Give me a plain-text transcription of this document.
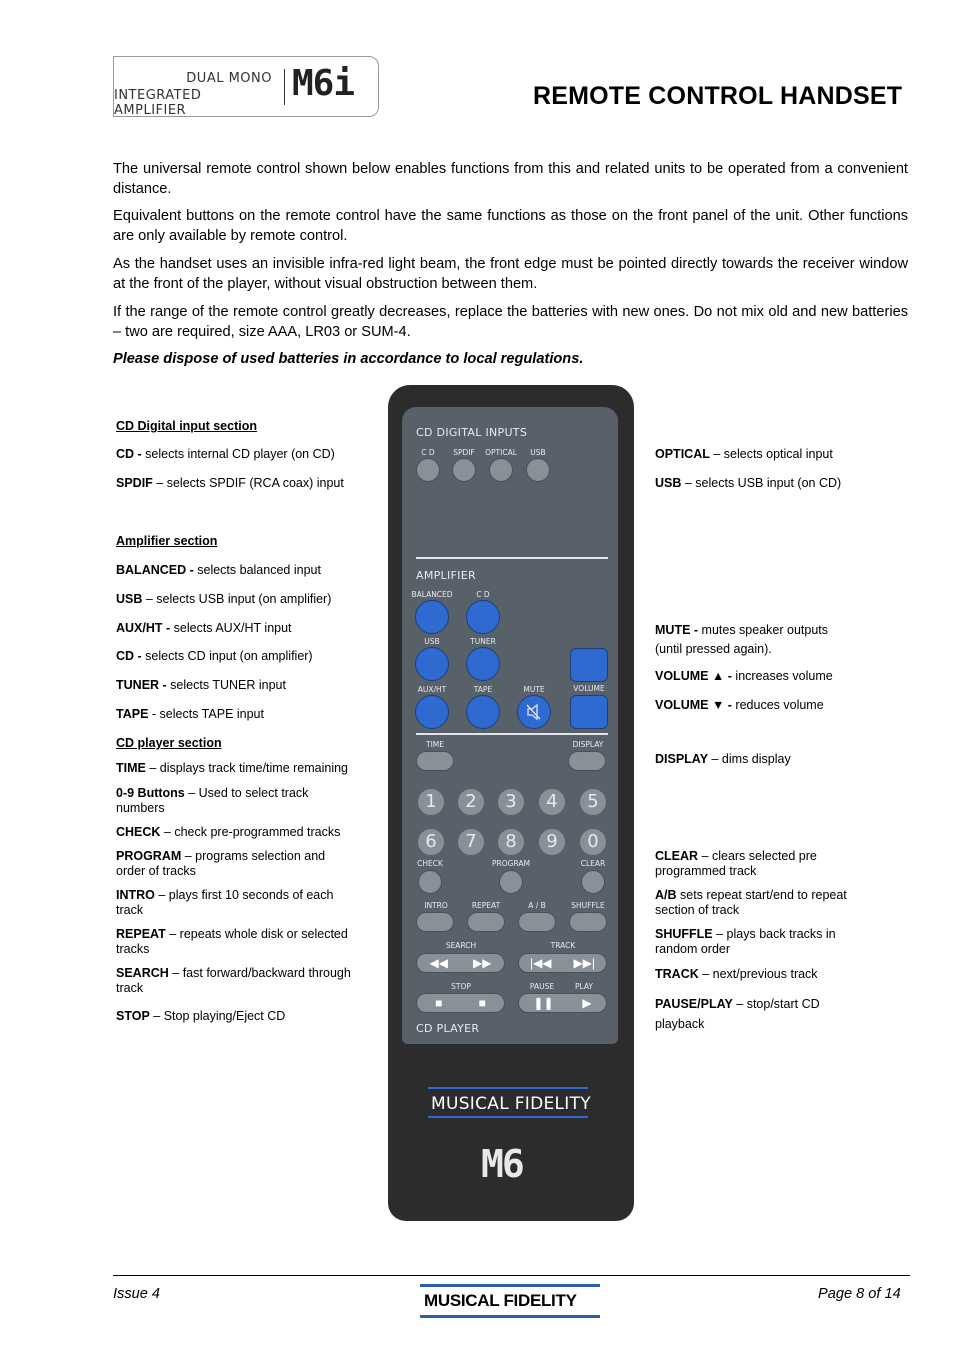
DUAL MONO
INTEGRATED AMPLIFIER
M6i	REMOTE CONTROL HANDSET
The universal remote control shown below enables functions from this and related units to be operated from a convenient distance.
Equivalent buttons on the remote control have the same functions as those on the front panel of the unit. Other functions are only available by remote control.
As the handset uses an invisible infra-red light beam, the front edge must be pointed directly towards the receiver window at the front of the player, without visual obstruction between them.
If the range of the remote control greatly decreases, replace the batteries with new ones. Do not mix old and new batteries – two are required, size AAA, LR03 or SUM-4.
Please dispose of used batteries in accordance to local regulations.
CD Digital input section
CD - selects internal CD player (on CD)
SPDIF – selects SPDIF (RCA coax) input
Amplifier section
BALANCED - selects balanced input
USB – selects USB input (on amplifier)
AUX/HT - selects AUX/HT input
CD - selects CD input (on amplifier)
TUNER - selects TUNER input
TAPE - selects TAPE input
CD player section
TIME – displays track time/time remaining
0-9 Buttons – Used to select track numbers
CHECK – check pre-programmed tracks
PROGRAM – programs selection and order of tracks
INTRO – plays first 10 seconds of each track
REPEAT – repeats whole disk or selected tracks
SEARCH – fast forward/backward through track
STOP – Stop playing/Eject CD
OPTICAL – selects optical input
USB – selects USB input (on CD)
MUTE - mutes speaker outputs (until pressed again).
VOLUME ▲ - increases volume
VOLUME ▼ - reduces volume
DISPLAY – dims display
CLEAR – clears selected pre programmed track
A/B sets repeat start/end to repeat section of track
SHUFFLE – plays back tracks in random order
TRACK – next/previous track
PAUSE/PLAY – stop/start CD playback
CD DIGITAL INPUTS
C D	SPDIF	OPTICAL	USB
AMPLIFIER
BALANCED	C D
USB	TUNER
AUX/HT	TAPE	MUTE	VOLUME
TIME	DISPLAY
1	2	3	4	5
6	7	8	9	0
CHECK	PROGRAM	CLEAR
INTRO	REPEAT	A / B	SHUFFLE
SEARCH	TRACK
◀◀ ▶▶	|◀◀ ▶▶|
STOP	PAUSE	PLAY
■	■	❚❚ ▶
CD PLAYER
MUSICAL FIDELITY
M6
Issue 4	MUSICAL FIDELITY	Page 8 of 14
